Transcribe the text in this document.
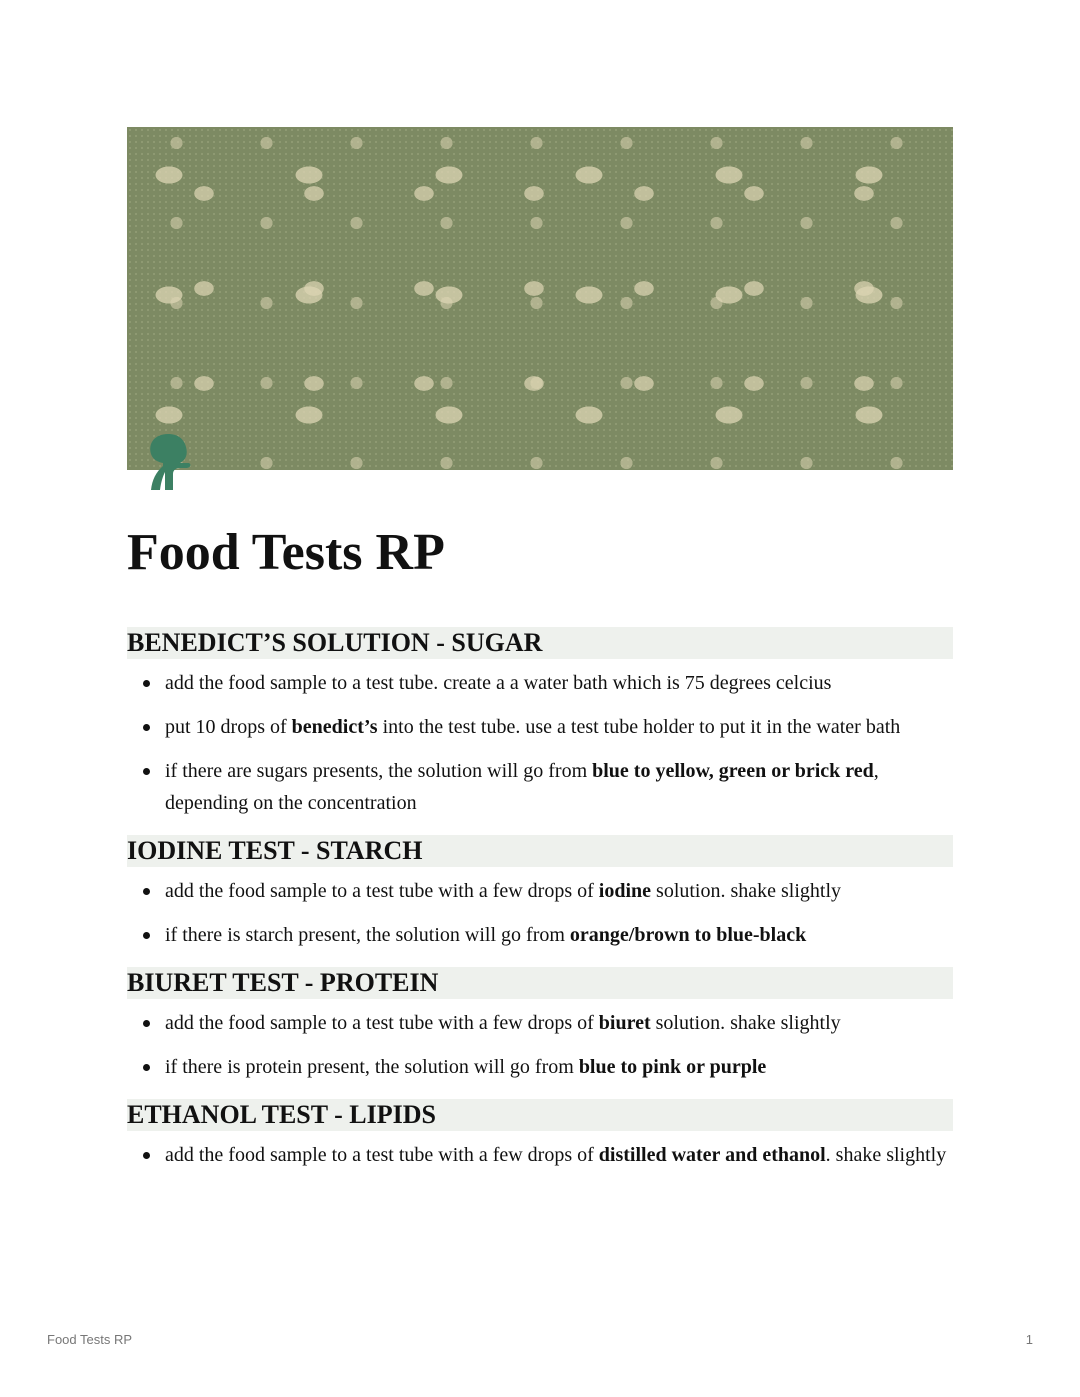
Food Tests RP
BENEDICT’S SOLUTION - SUGAR
add the food sample to a test tube. create a a water bath which is 75 degrees celcius
put 10 drops of benedict’s into the test tube. use a test tube holder to put it in the water bath
if there are sugars presents, the solution will go from blue to yellow, green or brick red, depending on the concentration
IODINE TEST - STARCH
add the food sample to a test tube with a few drops of iodine solution. shake slightly
if there is starch present, the solution will go from orange/brown to blue-black
BIURET TEST - PROTEIN
add the food sample to a test tube with a few drops of biuret solution. shake slightly
if there is protein present, the solution will go from blue to pink or purple
ETHANOL TEST - LIPIDS
add the food sample to a test tube with a few drops of distilled water and ethanol. shake slightly
Food Tests RP	1
